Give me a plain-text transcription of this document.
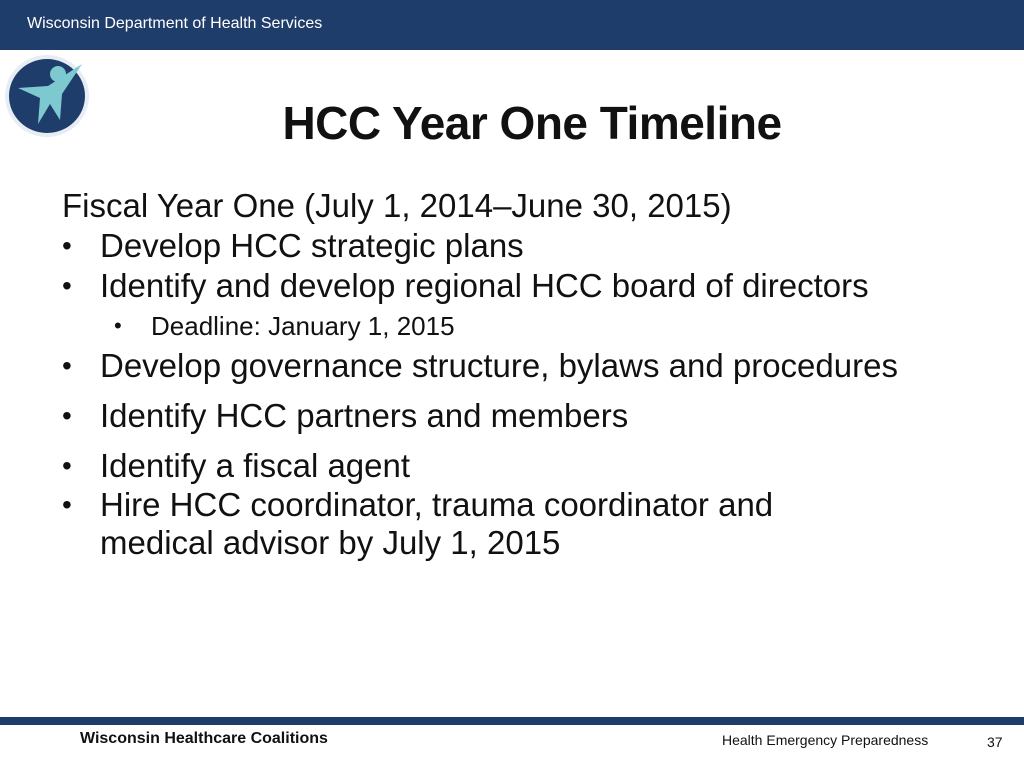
Wisconsin Department of Health Services
HCC Year One Timeline

Fiscal Year One (July 1, 2014–June 30, 2015)

• Develop HCC strategic plans
• Identify and develop regional HCC board of directors
• Deadline: January 1, 2015
• Develop governance structure, bylaws and procedures
• Identify HCC partners and members
• Identify a fiscal agent
• Hire HCC coordinator, trauma coordinator and medical advisor by July 1, 2015
Wisconsin Healthcare Coalitions	Health Emergency Preparedness	37
